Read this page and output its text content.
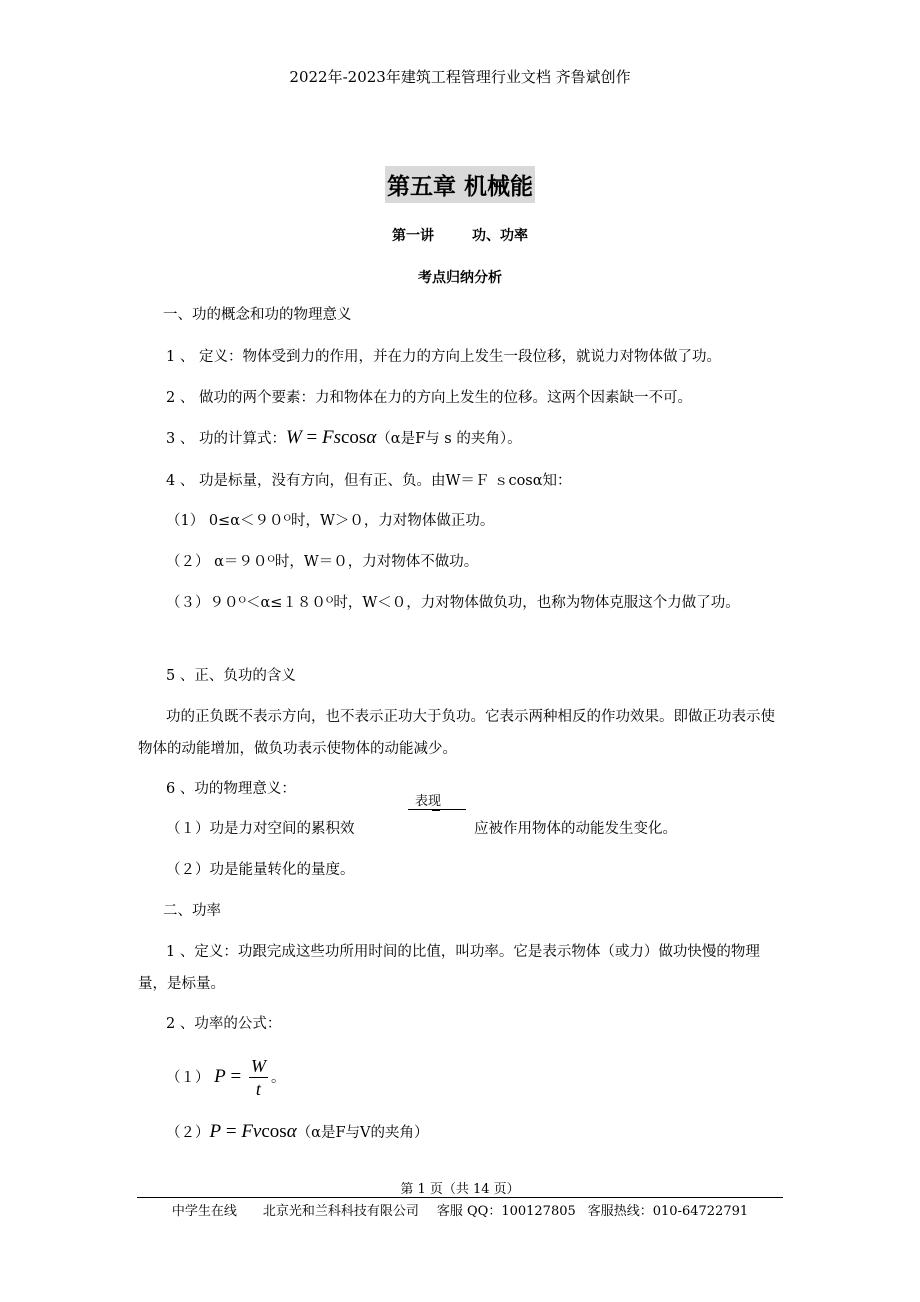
2022年-2023年建筑工程管理行业文档 齐鲁斌创作
第五章 机械能
第一讲	功、功率
考点归纳分析
一、功的概念和功的物理意义
1 、 定义：物体受到力的作用，并在力的方向上发生一段位移，就说力对物体做了功。
2 、 做功的两个要素：力和物体在力的方向上发生的位移。这两个因素缺一不可。
3 、 功的计算式：W = Fscosα（α是F与 s 的夹角）。
4 、 功是标量，没有方向，但有正、负。由W＝Ｆ ｓcosα知：
（1） 0≤α＜９０ᴼ时，W＞０，力对物体做正功。
（２） α＝９０ᴼ时，W＝０，力对物体不做功。
（３）９０ᴼ＜α≤１８０ᴼ时，W＜０，力对物体做负功，也称为物体克服这个力做了功。
5 、正、负功的含义
功的正负既不表示方向，也不表示正功大于负功。它表示两种相反的作功效果。即做正功表示使物体的动能增加，做负功表示使物体的动能减少。
6 、功的物理意义：
表现
（１）功是力对空间的累积效	应被作用物体的动能发生变化。
（２）功是能量转化的量度。
二、功率
1 、定义：功跟完成这些功所用时间的比值，叫功率。它是表示物体（或力）做功快慢的物理量，是标量。
2 、功率的公式：
（１） $P = \frac{W}{t}$ 。
（２）P = Fvcosα（α是F与V的夹角）
第 1 页（共 14 页）
中学生在线 北京光和兰科科技有限公司 客服 QQ：100127805 客服热线：010-64722791
